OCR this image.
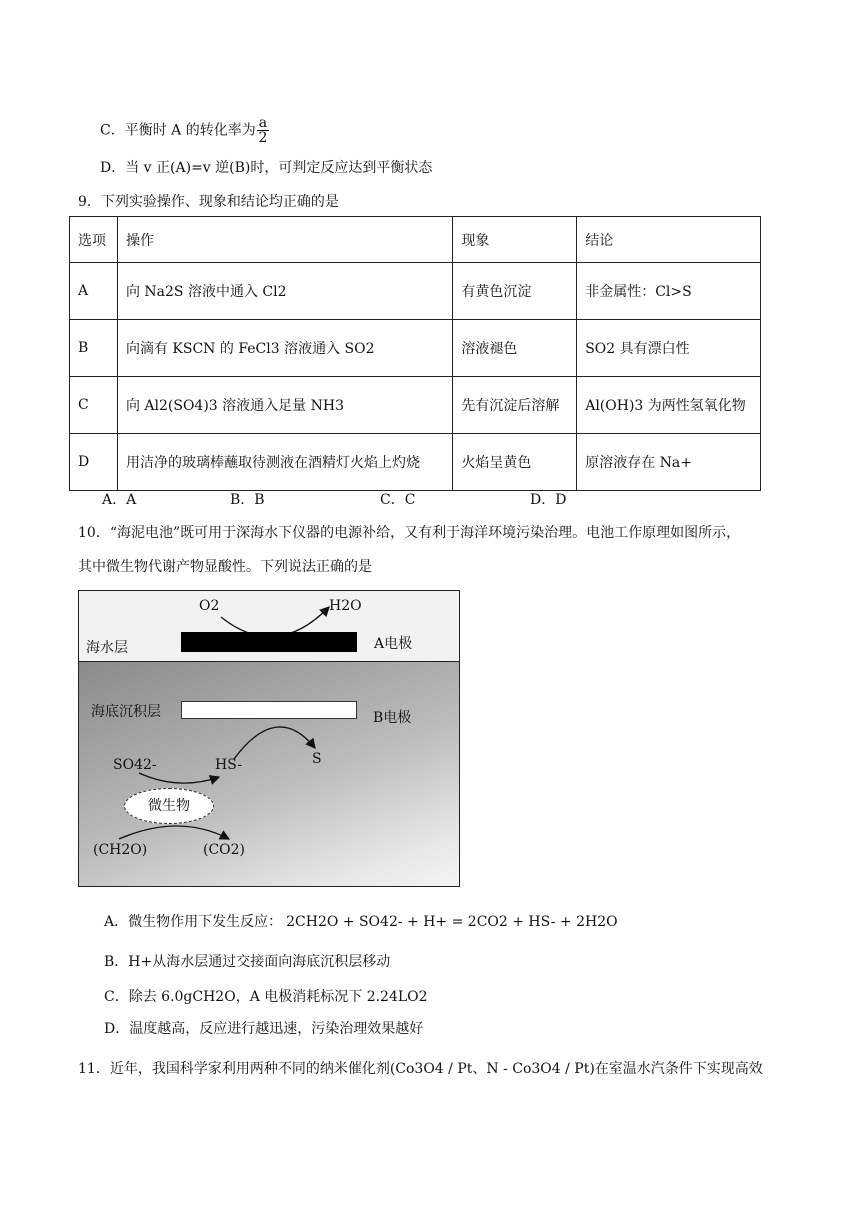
C．平衡时 A 的转化率为 $\frac{a}{2}$
D．当 v 正(A)=v 逆(B)时，可判定反应达到平衡状态
9．下列实验操作、现象和结论均正确的是
选项	操作	现象	结论
A	向 Na2S 溶液中通入 Cl2	有黄色沉淀	非金属性：Cl>S
B	向滴有 KSCN 的 FeCl3 溶液通入 SO2	溶液褪色	SO2 具有漂白性
C	向 Al2(SO4)3 溶液通入足量 NH3	先有沉淀后溶解	Al(OH)3 为两性氢氧化物
D	用洁净的玻璃棒蘸取待测液在酒精灯火焰上灼烧	火焰呈黄色	原溶液存在 Na+
A．A	B．B	C．C	D．D
10．“海泥电池”既可用于深海水下仪器的电源补给，又有利于海洋环境污染治理。电池工作原理如图所示，
其中微生物代谢产物显酸性。下列说法正确的是
海水层	A电极
海底沉积层	B电极
O2	H2O
SO42-	HS-	S
微生物
(CH2O)	(CO2)
A．微生物作用下发生反应： 2CH2O + SO42- + H+ = 2CO2 + HS- + 2H2O
B．H+从海水层通过交接面向海底沉积层移动
C．除去 6.0gCH2O，A 电极消耗标况下 2.24LO2
D．温度越高，反应进行越迅速，污染治理效果越好
11．近年，我国科学家利用两种不同的纳米催化剂(Co3O4 / Pt、N - Co3O4 / Pt)在室温水汽条件下实现高效
